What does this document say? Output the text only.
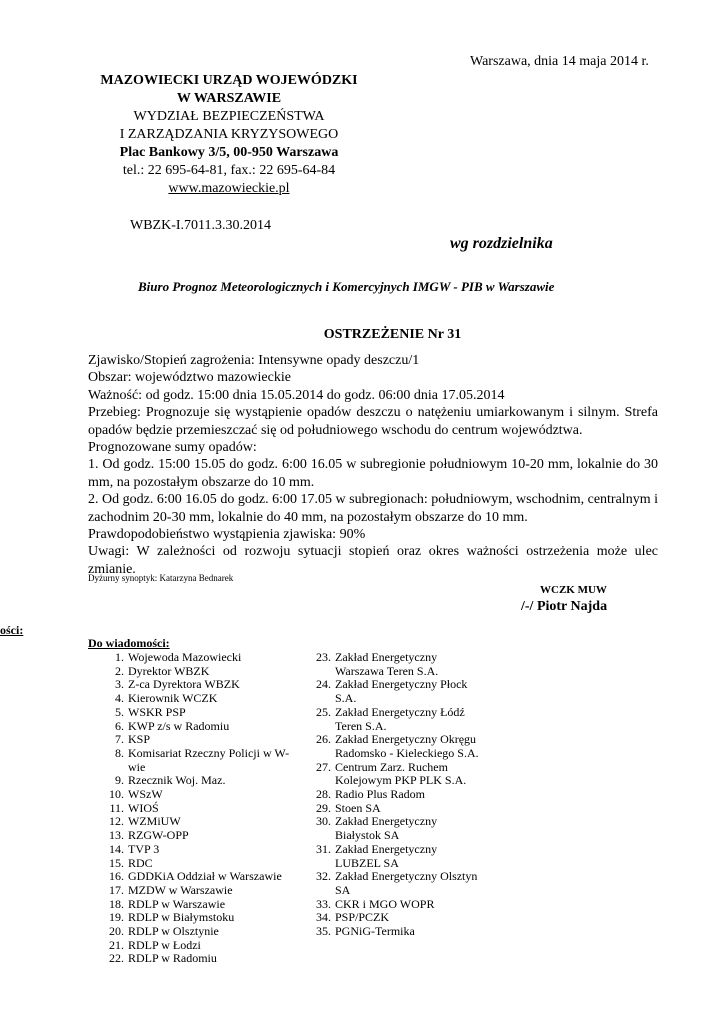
Warszawa, dnia 14 maja 2014 r.
MAZOWIECKI URZĄD WOJEWÓDZKI
W WARSZAWIE
WYDZIAŁ BEZPIECZEŃSTWA
I ZARZĄDZANIA KRYZYSOWEGO
Plac Bankowy 3/5, 00-950 Warszawa
tel.: 22 695-64-81, fax.: 22 695-64-84
www.mazowieckie.pl
WBZK-I.7011.3.30.2014
wg rozdzielnika
Biuro Prognoz Meteorologicznych i Komercyjnych IMGW - PIB w Warszawie
OSTRZEŻENIE Nr 31

Zjawisko/Stopień zagrożenia: Intensywne opady deszczu/1

Obszar: województwo mazowieckie

Ważność: od godz. 15:00 dnia 15.05.2014 do godz. 06:00 dnia 17.05.2014

Przebieg: Prognozuje się wystąpienie opadów deszczu o natężeniu umiarkowanym i silnym. Strefa opadów będzie przemieszczać się od południowego wschodu do centrum województwa.

Prognozowane sumy opadów:

1. Od godz. 15:00 15.05 do godz. 6:00 16.05 w subregionie południowym 10-20 mm, lokalnie do 30 mm, na pozostałym obszarze do 10 mm.

2. Od godz. 6:00 16.05 do godz. 6:00 17.05 w subregionach: południowym, wschodnim, centralnym i zachodnim 20-30 mm, lokalnie do 40 mm, na pozostałym obszarze do 10 mm.

Prawdopodobieństwo wystąpienia zjawiska: 90%

Uwagi: W zależności od rozwoju sytuacji stopień oraz okres ważności ostrzeżenia może ulec zmianie.

Dyżurny synoptyk: Katarzyna Bednarek
WCZK MUW
/-/ Piotr Najda
ości:
Do wiadomości:
1. Wojewoda Mazowiecki
2. Dyrektor WBZK
3. Z-ca Dyrektora WBZK
4. Kierownik WCZK
5. WSKR PSP
6. KWP z/s w Radomiu
7. KSP
8. Komisariat Rzeczny Policji w W-wie
9. Rzecznik Woj. Maz.
10. WSzW
11. WIOŚ
12. WZMiUW
13. RZGW-OPP
14. TVP 3
15. RDC
16. GDDKiA Oddział w Warszawie
17. MZDW w Warszawie
18. RDLP w Warszawie
19. RDLP w Białymstoku
20. RDLP w Olsztynie
21. RDLP w Łodzi
22. RDLP w Radomiu
23. Zakład Energetyczny Warszawa Teren S.A.
24. Zakład Energetyczny Płock S.A.
25. Zakład Energetyczny Łódź Teren S.A.
26. Zakład Energetyczny Okręgu Radomsko - Kieleckiego S.A.
27. Centrum Zarz. Ruchem Kolejowym PKP PLK S.A.
28. Radio Plus Radom
29. Stoen SA
30. Zakład Energetyczny Białystok SA
31. Zakład Energetyczny LUBZEL SA
32. Zakład Energetyczny Olsztyn SA
33. CKR i MGO WOPR
34. PSP/PCZK
35. PGNiG-Termika
